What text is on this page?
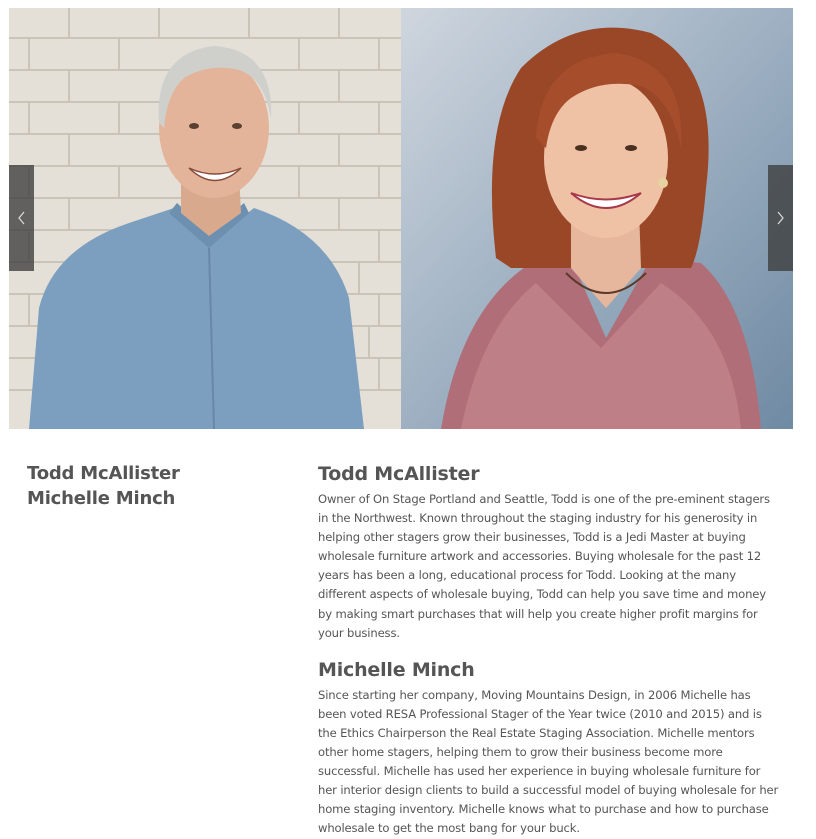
Todd McAllister
Michelle Minch
Todd McAllister

Owner of On Stage Portland and Seattle, Todd is one of the pre-eminent stagers in the Northwest. Known throughout the staging industry for his generosity in helping other stagers grow their businesses, Todd is a Jedi Master at buying wholesale furniture artwork and accessories. Buying wholesale for the past 12 years has been a long, educational process for Todd. Looking at the many different aspects of wholesale buying, Todd can help you save time and money by making smart purchases that will help you create higher profit margins for your business.

Michelle Minch

Since starting her company, Moving Mountains Design, in 2006 Michelle has been voted RESA Professional Stager of the Year twice (2010 and 2015) and is the Ethics Chairperson the Real Estate Staging Association. Michelle mentors other home stagers, helping them to grow their business become more successful. Michelle has used her experience in buying wholesale furniture for her interior design clients to build a successful model of buying wholesale for her home staging inventory. Michelle knows what to purchase and how to purchase wholesale to get the most bang for your buck.
